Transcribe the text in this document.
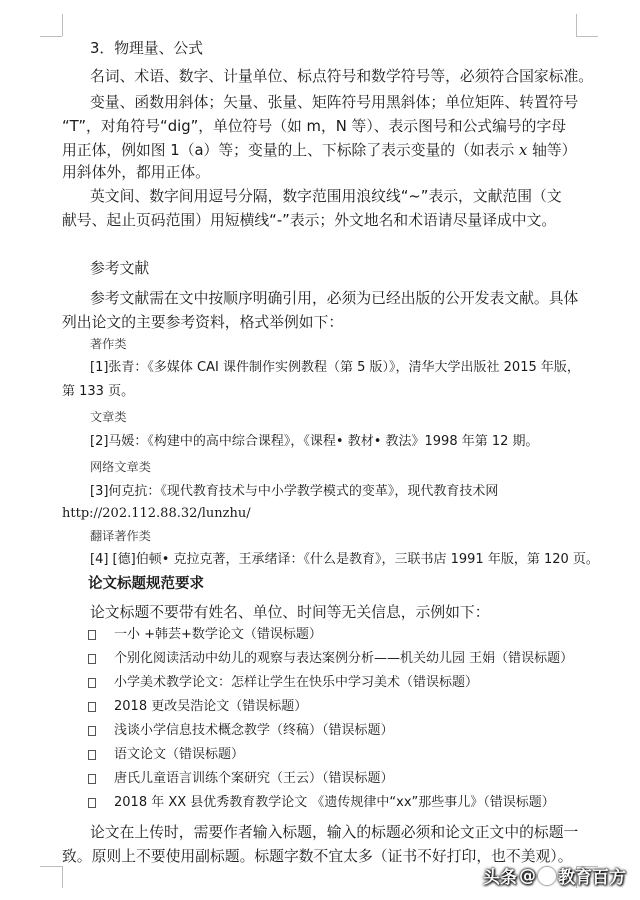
3．物理量、公式
名词、术语、数字、计量单位、标点符号和数学符号等，必须符合国家标准。
变量、函数用斜体；矢量、张量、矩阵符号用黑斜体；单位矩阵、转置符号
“T”，对角符号“dig”，单位符号（如 m，N 等）、表示图号和公式编号的字母
用正体，例如图 1（a）等；变量的上、下标除了表示变量的（如表示 x 轴等）
用斜体外，都用正体。
英文间、数字间用逗号分隔，数字范围用浪纹线“~”表示，文献范围（文
献号、起止页码范围）用短横线“-”表示；外文地名和术语请尽量译成中文。
参考文献
参考文献需在文中按顺序明确引用，必须为已经出版的公开发表文献。具体
列出论文的主要参考资料，格式举例如下：
著作类
[1]张青：《多媒体 CAI 课件制作实例教程（第 5 版）》，清华大学出版社 2015 年版，
第 133 页。
文章类
[2]马媛：《构建中的高中综合课程》，《课程• 教材• 教法》1998 年第 12 期。
网络文章类
[3]何克抗：《现代教育技术与中小学教学模式的变革》，现代教育技术网
http://202.112.88.32/lunzhu/
翻译著作类
[4] [德]伯顿• 克拉克著，王承绪译：《什么是教育》，三联书店 1991 年版，第 120 页。
论文标题规范要求
论文标题不要带有姓名、单位、时间等无关信息，示例如下：
一小 +韩芸+数学论文（错误标题）
个别化阅读活动中幼儿的观察与表达案例分析——机关幼儿园 王娟（错误标题）
小学美术教学论文：怎样让学生在快乐中学习美术（错误标题）
2018 更改吴浩论文（错误标题）
浅谈小学信息技术概念教学（终稿）（错误标题）
语文论文（错误标题）
唐氏儿童语言训练个案研究（王云）（错误标题）
2018 年 XX 县优秀教育教学论文 《遗传规律中“xx”那些事儿》（错误标题）
论文在上传时，需要作者输入标题，输入的标题必须和论文正文中的标题一
致。原则上不要使用副标题。标题字数不宜太多（证书不好打印，也不美观）。
头条 @ 教育百方
